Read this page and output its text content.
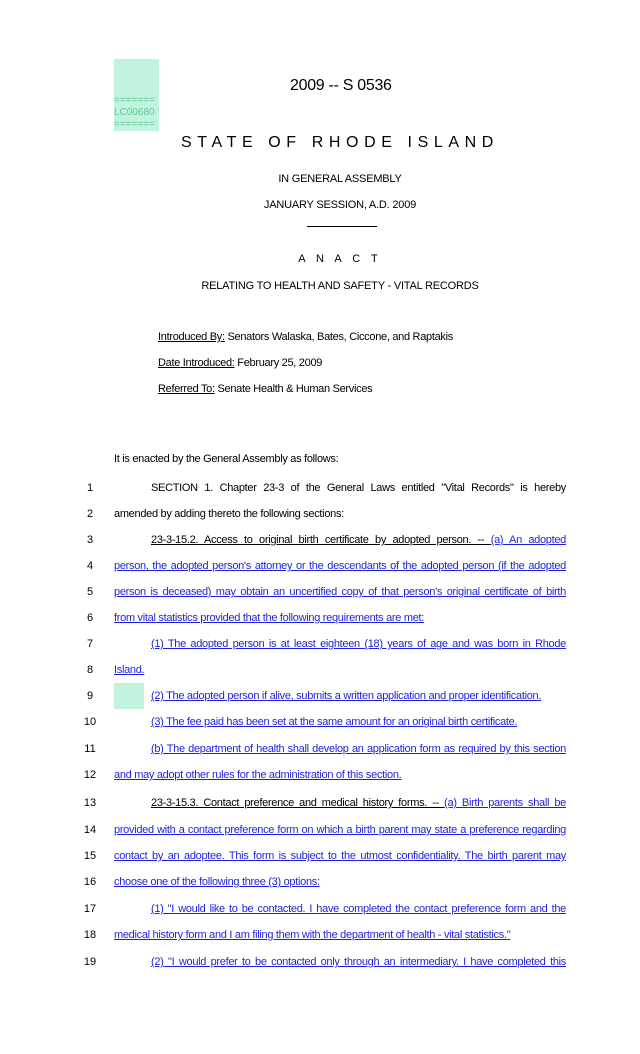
=======
LC00680
=======
2009 -- S 0536
STATE OF RHODE ISLAND
IN GENERAL ASSEMBLY
JANUARY SESSION, A.D. 2009
A N A C T
RELATING TO HEALTH AND SAFETY - VITAL RECORDS
Introduced By: Senators Walaska, Bates, Ciccone, and Raptakis
Date Introduced: February 25, 2009
Referred To: Senate Health & Human Services
It is enacted by the General Assembly as follows:
1	SECTION 1. Chapter 23-3 of the General Laws entitled "Vital Records" is hereby
2	amended by adding thereto the following sections:
3	23-3-15.2. Access to original birth certificate by adopted person. -- (a) An adopted
4	person, the adopted person's attorney or the descendants of the adopted person (if the adopted
5	person is deceased) may obtain an uncertified copy of that person's original certificate of birth
6	from vital statistics provided that the following requirements are met:
7	(1) The adopted person is at least eighteen (18) years of age and was born in Rhode
8	Island.
9	(2) The adopted person if alive, submits a written application and proper identification.
10	(3) The fee paid has been set at the same amount for an original birth certificate.
11	(b) The department of health shall develop an application form as required by this section
12	and may adopt other rules for the administration of this section.
13	23-3-15.3. Contact preference and medical history forms. -- (a) Birth parents shall be
14	provided with a contact preference form on which a birth parent may state a preference regarding
15	contact by an adoptee. This form is subject to the utmost confidentiality. The birth parent may
16	choose one of the following three (3) options:
17	(1) "I would like to be contacted. I have completed the contact preference form and the
18	medical history form and I am filing them with the department of health - vital statistics."
19	(2) "I would prefer to be contacted only through an intermediary. I have completed this
